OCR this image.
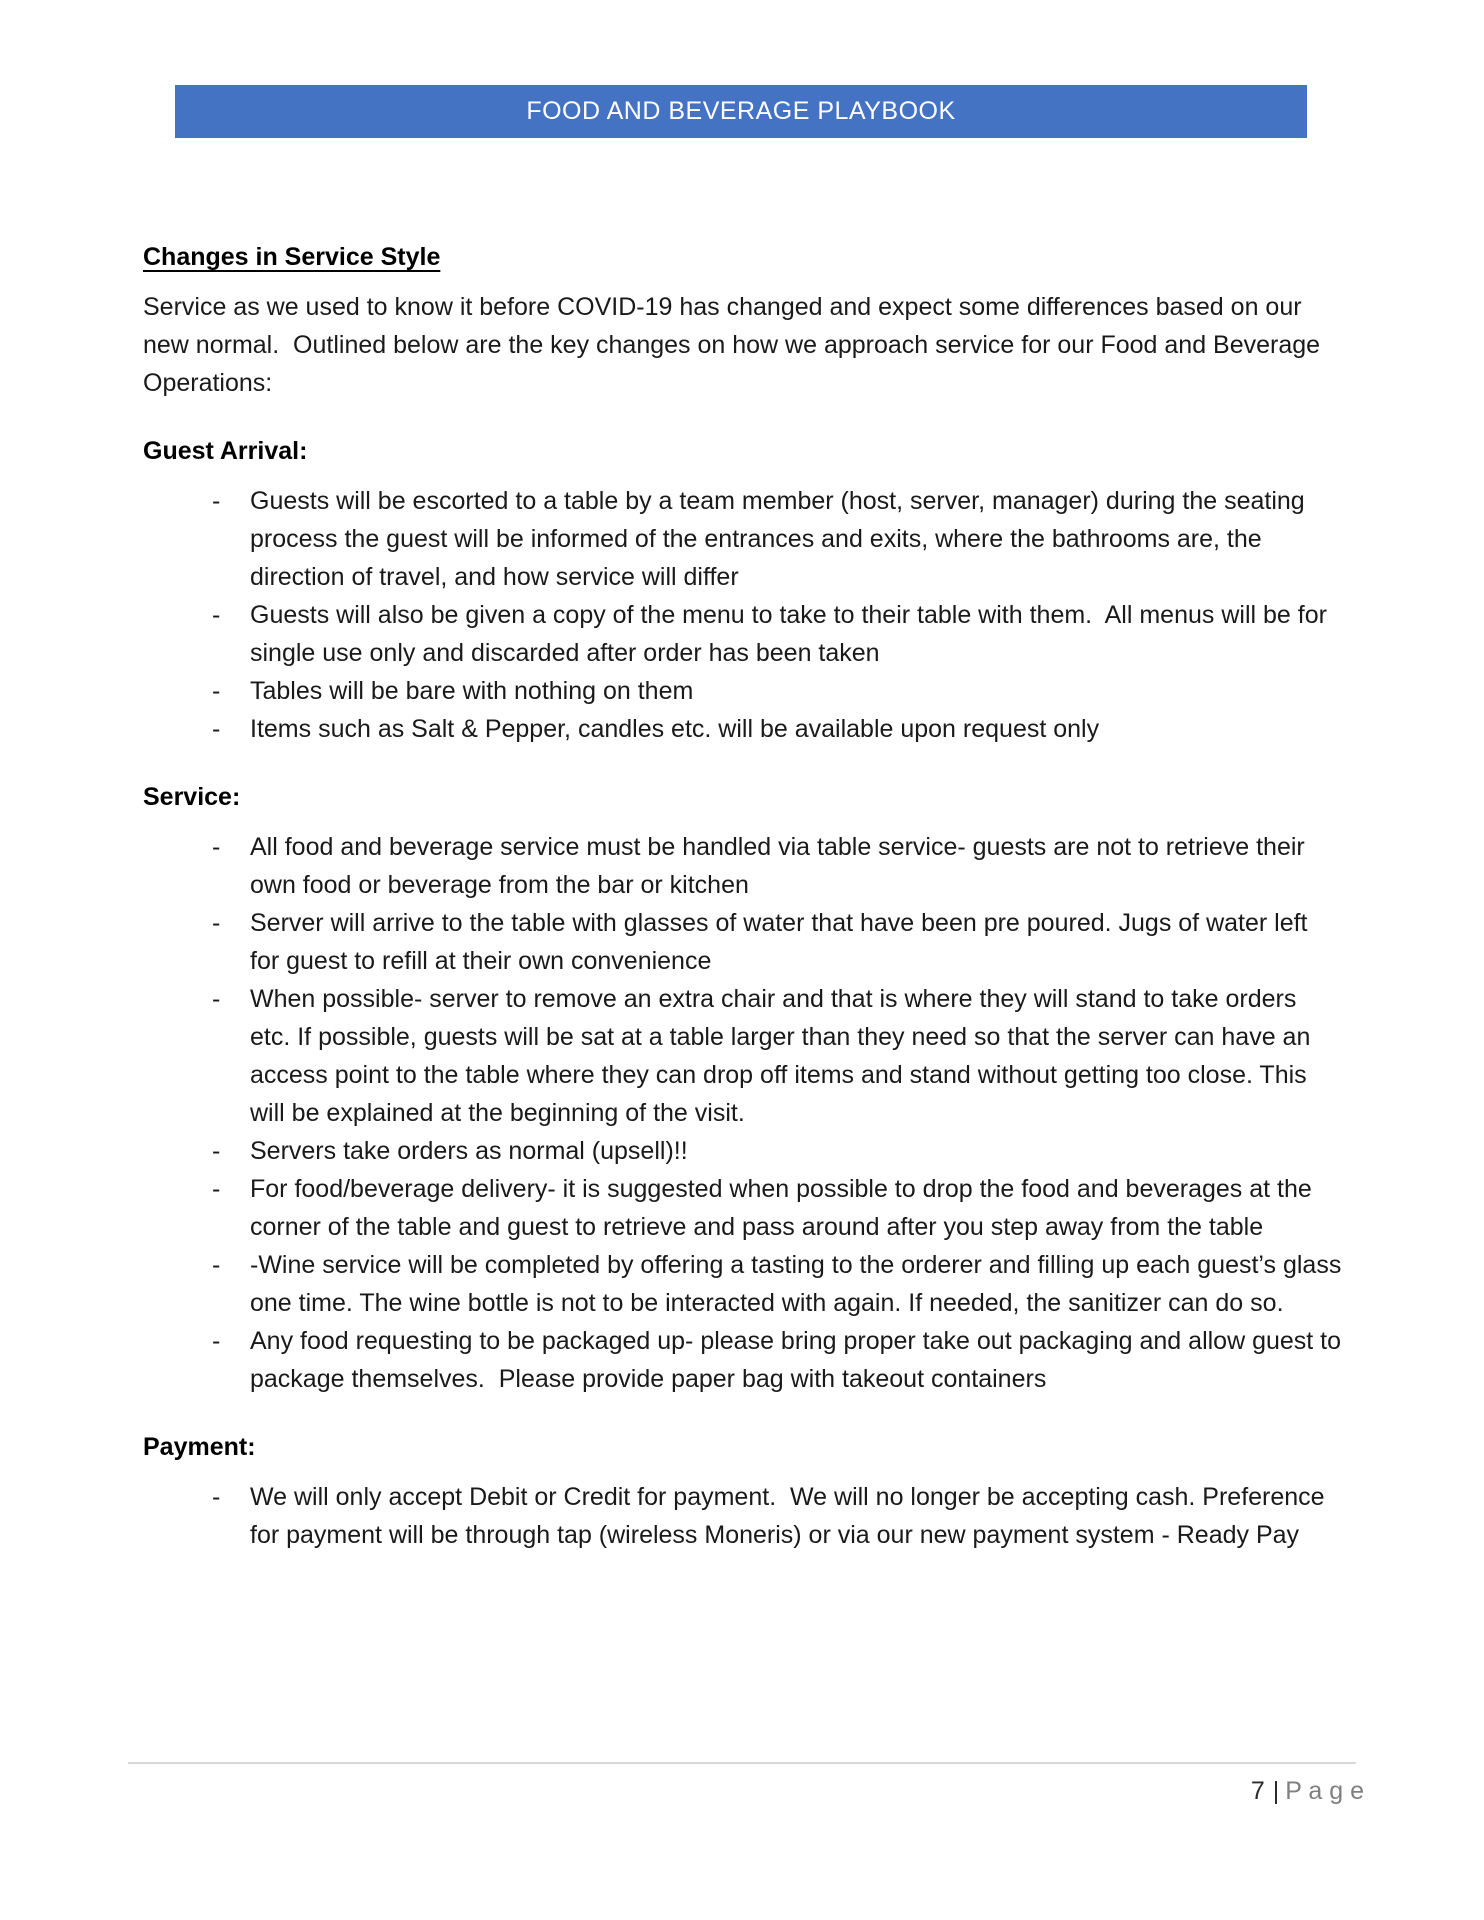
FOOD AND BEVERAGE PLAYBOOK
Changes in Service Style

Service as we used to know it before COVID-19 has changed and expect some differences based on our new normal.  Outlined below are the key changes on how we approach service for our Food and Beverage Operations:

Guest Arrival:
- Guests will be escorted to a table by a team member (host, server, manager) during the seating process the guest will be informed of the entrances and exits, where the bathrooms are, the direction of travel, and how service will differ
- Guests will also be given a copy of the menu to take to their table with them.  All menus will be for single use only and discarded after order has been taken
- Tables will be bare with nothing on them
- Items such as Salt & Pepper, candles etc. will be available upon request only
Service:
- All food and beverage service must be handled via table service- guests are not to retrieve their own food or beverage from the bar or kitchen
- Server will arrive to the table with glasses of water that have been pre poured. Jugs of water left for guest to refill at their own convenience
- When possible- server to remove an extra chair and that is where they will stand to take orders etc. If possible, guests will be sat at a table larger than they need so that the server can have an access point to the table where they can drop off items and stand without getting too close. This will be explained at the beginning of the visit.
- Servers take orders as normal (upsell)!!
- For food/beverage delivery- it is suggested when possible to drop the food and beverages at the corner of the table and guest to retrieve and pass around after you step away from the table
- -Wine service will be completed by offering a tasting to the orderer and filling up each guest’s glass one time. The wine bottle is not to be interacted with again. If needed, the sanitizer can do so.
- Any food requesting to be packaged up- please bring proper take out packaging and allow guest to package themselves.  Please provide paper bag with takeout containers
Payment:
- We will only accept Debit or Credit for payment.  We will no longer be accepting cash. Preference for payment will be through tap (wireless Moneris) or via our new payment system - Ready Pay
7 | P a g e
